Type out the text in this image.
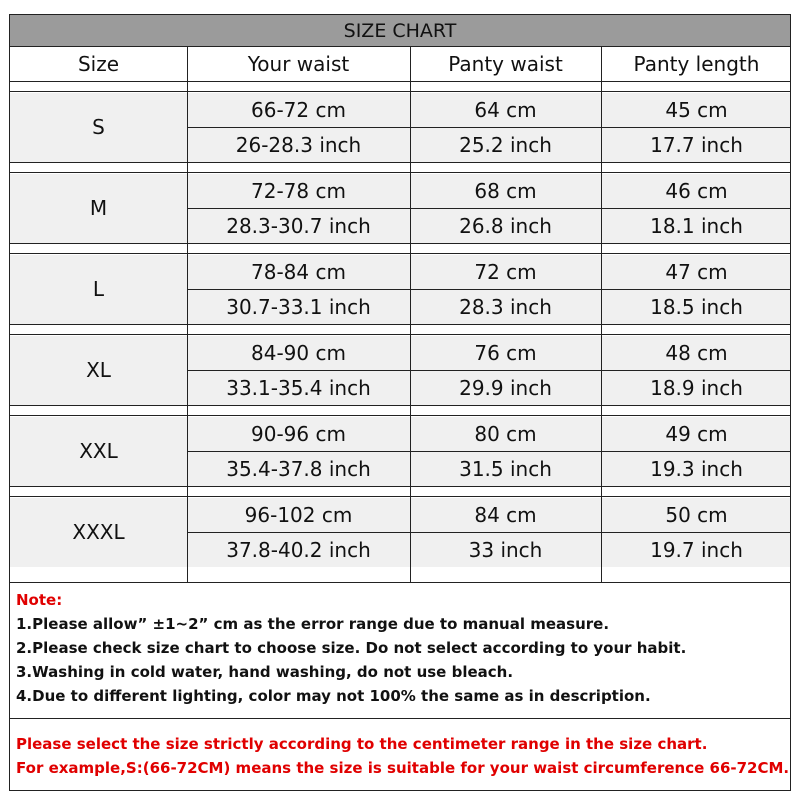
SIZE CHART
Size	Your waist	Panty waist	Panty length
S
66-72 cm	64 cm	45 cm
26-28.3 inch	25.2 inch	17.7 inch
M
72-78 cm	68 cm	46 cm
28.3-30.7 inch	26.8 inch	18.1 inch
L
78-84 cm	72 cm	47 cm
30.7-33.1 inch	28.3 inch	18.5 inch
XL
84-90 cm	76 cm	48 cm
33.1-35.4 inch	29.9 inch	18.9 inch
XXL
90-96 cm	80 cm	49 cm
35.4-37.8 inch	31.5 inch	19.3 inch
XXXL
96-102 cm	84 cm	50 cm
37.8-40.2 inch	33 inch	19.7 inch
Note:
1.Please allow” ±1~2” cm as the error range due to manual measure.
2.Please check size chart to choose size. Do not select according to your habit.
3.Washing in cold water, hand washing, do not use bleach.
4.Due to different lighting, color may not 100% the same as in description.
Please select the size strictly according to the centimeter range in the size chart.
For example,S:(66-72CM) means the size is suitable for your waist circumference 66-72CM.
